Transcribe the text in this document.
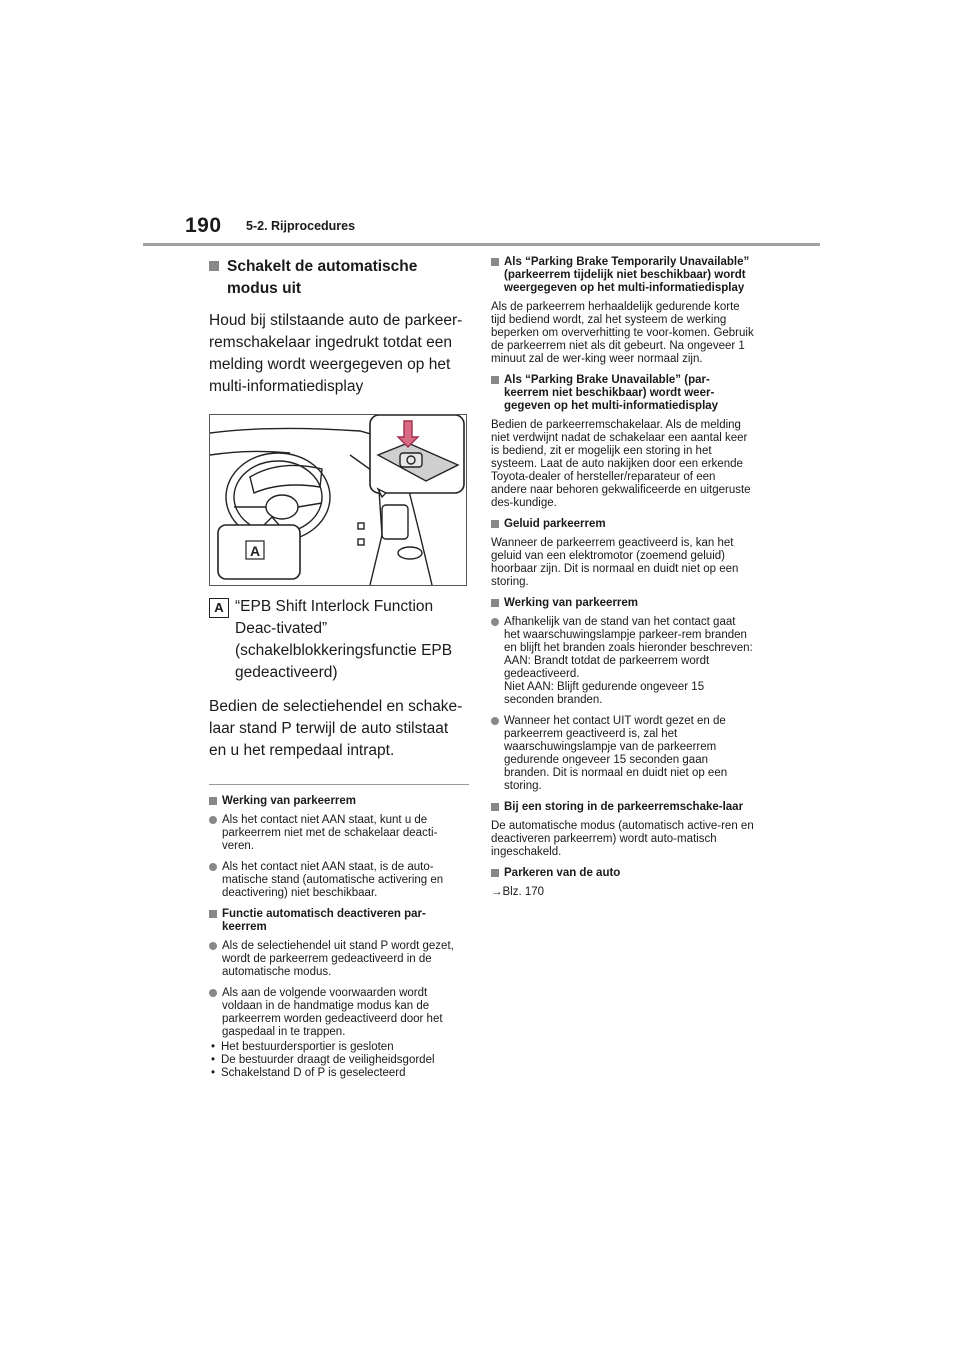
190 5-2. Rijprocedures
Schakelt de automatische modus uit

Houd bij stilstaande auto de parkeer-remschakelaar ingedrukt totdat een melding wordt weergegeven op het multi-informatiedisplay

A
A “EPB Shift Interlock Function Deac-tivated” (schakelblokkeringsfunctie EPB gedeactiveerd)

Bedien de selectiehendel en schake-laar stand P terwijl de auto stilstaat en u het rempedaal intrapt.

Werking van parkeerrem
Als het contact niet AAN staat, kunt u de parkeerrem niet met de schakelaar deacti-veren.
Als het contact niet AAN staat, is de auto-matische stand (automatische activering en deactivering) niet beschikbaar.
Functie automatisch deactiveren par-keerrem
Als de selectiehendel uit stand P wordt gezet, wordt de parkeerrem gedeactiveerd in de automatische modus.
Als aan de volgende voorwaarden wordt voldaan in de handmatige modus kan de parkeerrem worden gedeactiveerd door het gaspedaal in te trappen.
• Het bestuurdersportier is gesloten
• De bestuurder draagt de veiligheidsgordel
• Schakelstand D of P is geselecteerd
Als “Parking Brake Temporarily Unavailable” (parkeerrem tijdelijk niet beschikbaar) wordt weergegeven op het multi-informatiedisplay

Als de parkeerrem herhaaldelijk gedurende korte tijd bediend wordt, zal het systeem de werking beperken om oververhitting te voor-komen. Gebruik de parkeerrem niet als dit gebeurt. Na ongeveer 1 minuut zal de wer-king weer normaal zijn.

Als “Parking Brake Unavailable” (par-keerrem niet beschikbaar) wordt weer-gegeven op het multi-informatiedisplay

Bedien de parkeerremschakelaar. Als de melding niet verdwijnt nadat de schakelaar een aantal keer is bediend, zit er mogelijk een storing in het systeem. Laat de auto nakijken door een erkende Toyota-dealer of hersteller/reparateur of een andere naar behoren gekwalificeerde en uitgeruste des-kundige.

Geluid parkeerrem

Wanneer de parkeerrem geactiveerd is, kan het geluid van een elektromotor (zoemend geluid) hoorbaar zijn. Dit is normaal en duidt niet op een storing.

Werking van parkeerrem
Afhankelijk van de stand van het contact gaat het waarschuwingslampje parkeer-rem branden en blijft het branden zoals hieronder beschreven:
AAN: Brandt totdat de parkeerrem wordt gedeactiveerd.
Niet AAN: Blijft gedurende ongeveer 15 seconden branden.
Wanneer het contact UIT wordt gezet en de parkeerrem geactiveerd is, zal het waarschuwingslampje van de parkeerrem gedurende ongeveer 15 seconden gaan branden. Dit is normaal en duidt niet op een storing.
Bij een storing in de parkeerremschake-laar

De automatische modus (automatisch active-ren en deactiveren parkeerrem) wordt auto-matisch ingeschakeld.

Parkeren van de auto

→Blz. 170
